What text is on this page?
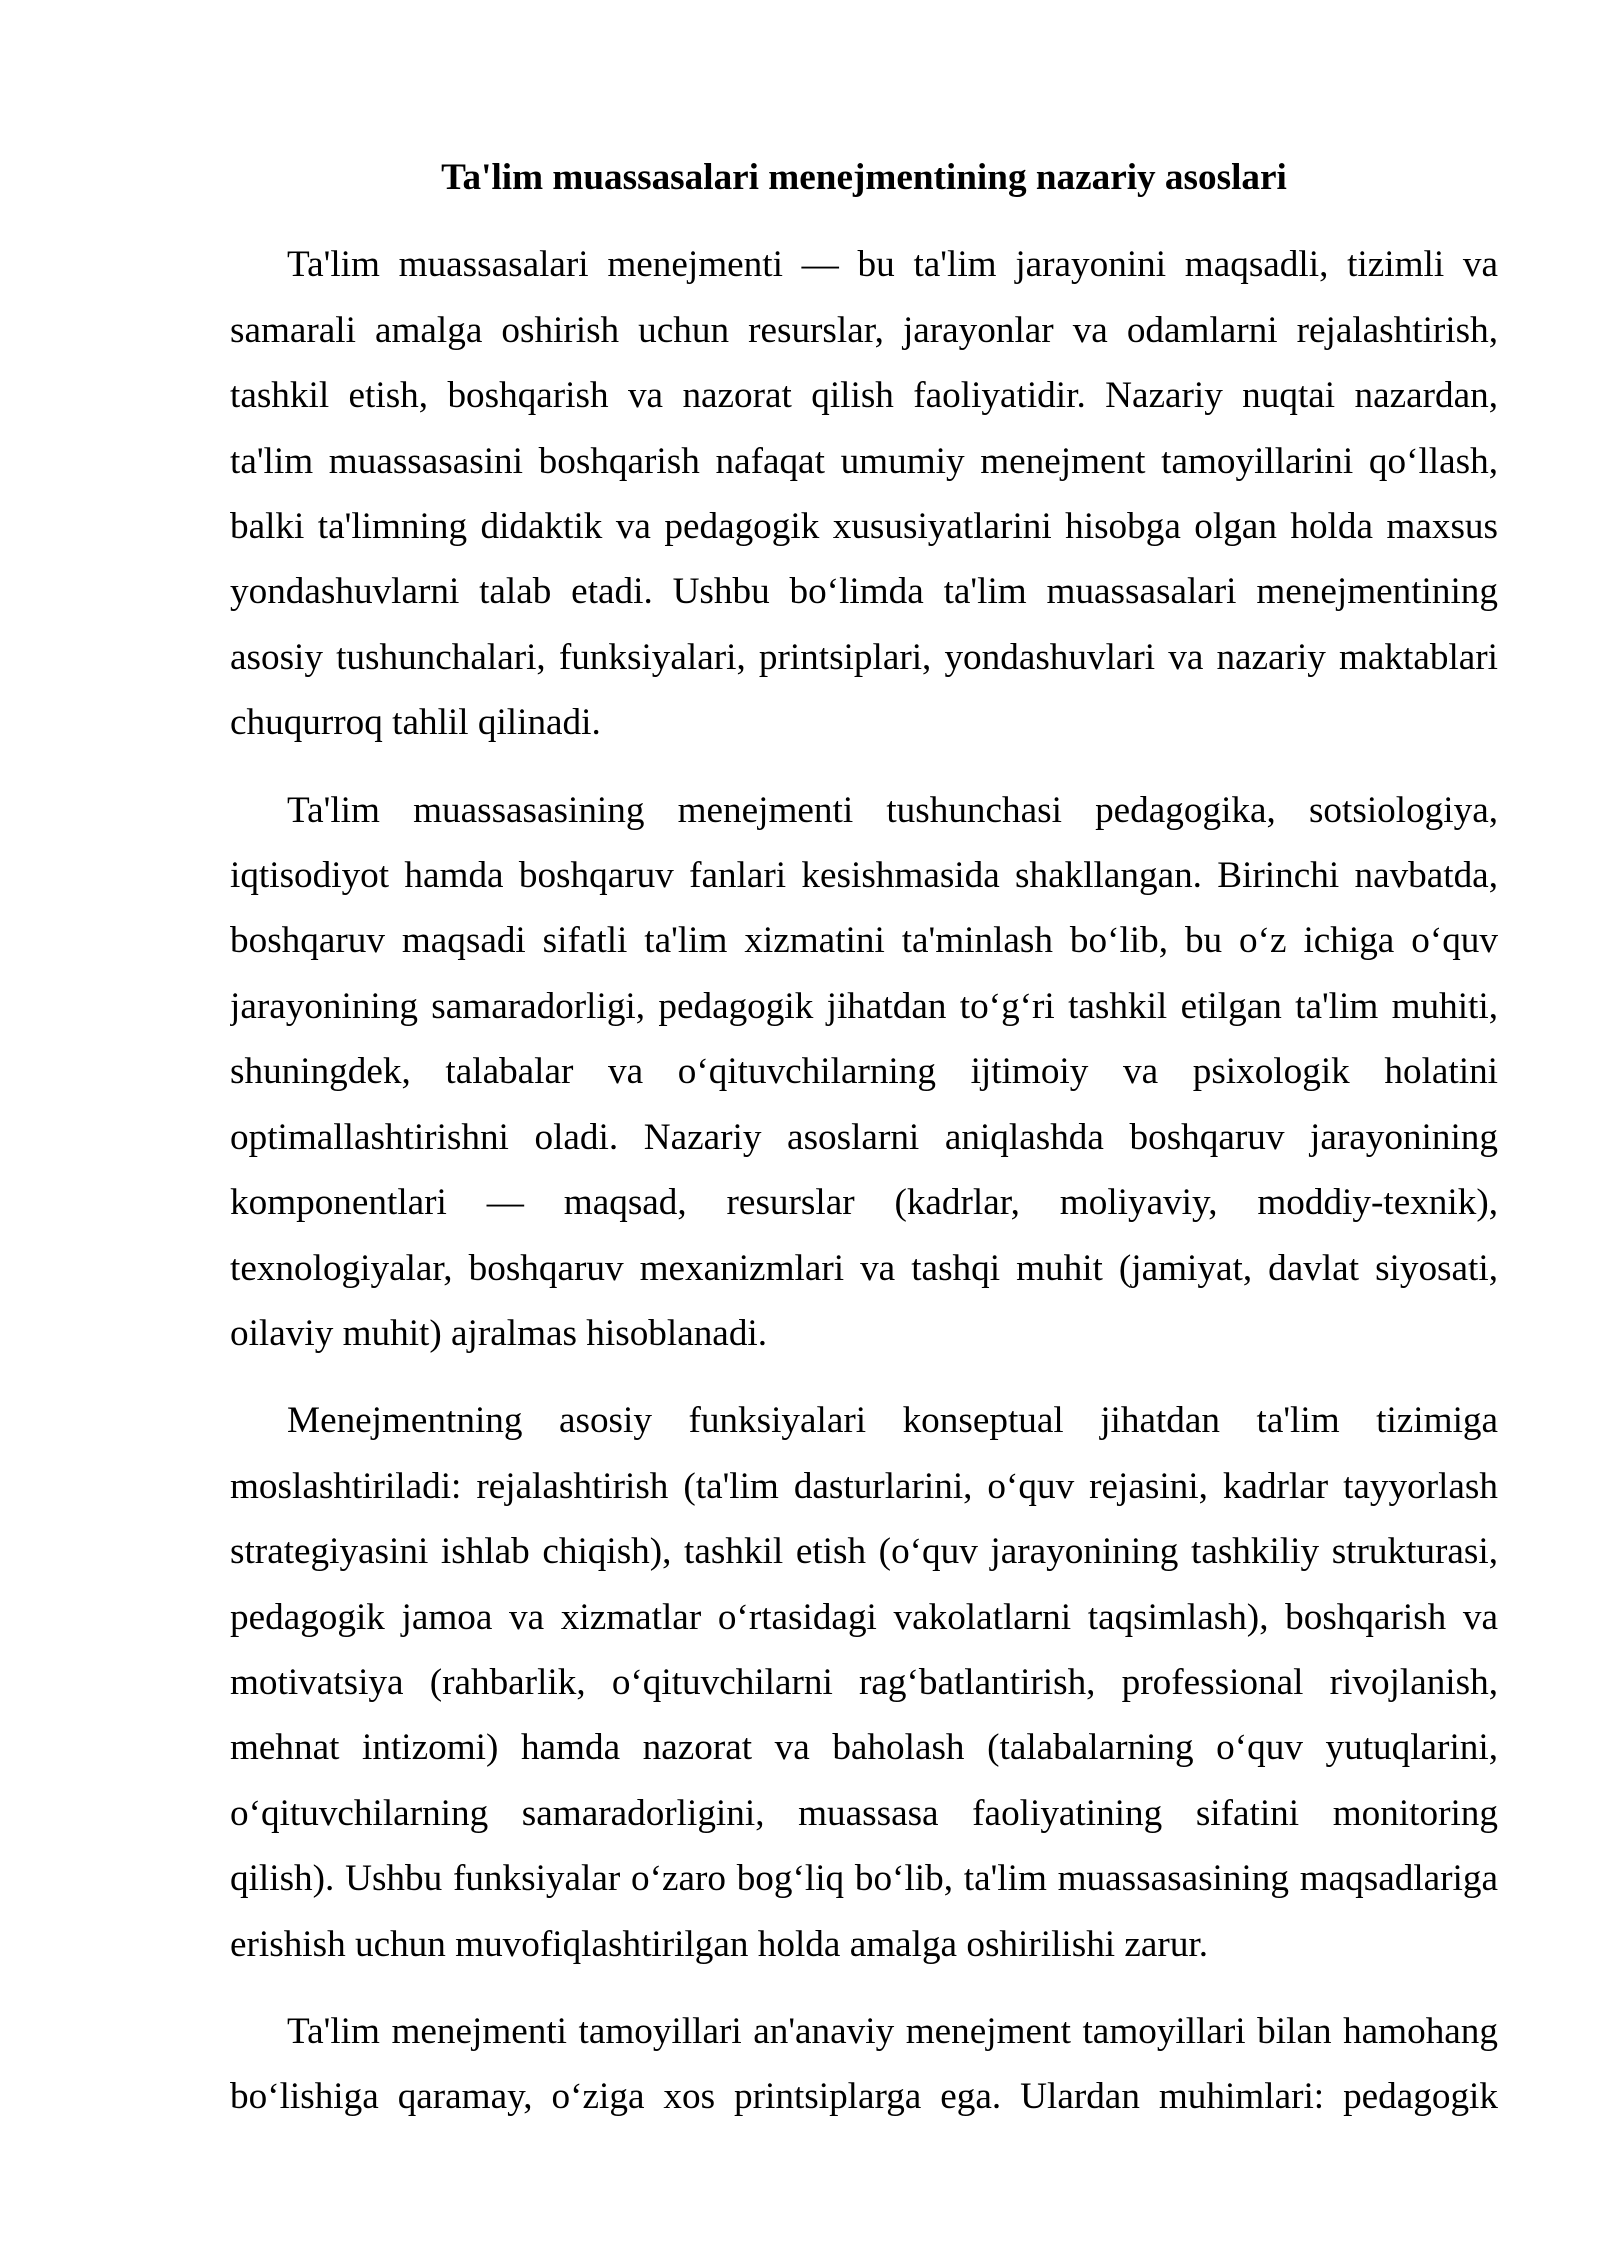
Ta'lim muassasalari menejmentining nazariy asoslari
Ta'lim muassasalari menejmenti — bu ta'lim jarayonini maqsadli, tizimli va
samarali amalga oshirish uchun resurslar, jarayonlar va odamlarni rejalashtirish,
tashkil etish, boshqarish va nazorat qilish faoliyatidir. Nazariy nuqtai nazardan,
ta'lim muassasasini boshqarish nafaqat umumiy menejment tamoyillarini qo‘llash,
balki ta'limning didaktik va pedagogik xususiyatlarini hisobga olgan holda maxsus
yondashuvlarni talab etadi. Ushbu bo‘limda ta'lim muassasalari menejmentining
asosiy tushunchalari, funksiyalari, printsiplari, yondashuvlari va nazariy maktablari
chuqurroq tahlil qilinadi.
Ta'lim muassasasining menejmenti tushunchasi pedagogika, sotsiologiya,
iqtisodiyot hamda boshqaruv fanlari kesishmasida shakllangan. Birinchi navbatda,
boshqaruv maqsadi sifatli ta'lim xizmatini ta'minlash bo‘lib, bu o‘z ichiga o‘quv
jarayonining samaradorligi, pedagogik jihatdan to‘g‘ri tashkil etilgan ta'lim muhiti,
shuningdek, talabalar va o‘qituvchilarning ijtimoiy va psixologik holatini
optimallashtirishni oladi. Nazariy asoslarni aniqlashda boshqaruv jarayonining
komponentlari — maqsad, resurslar (kadrlar, moliyaviy, moddiy-texnik),
texnologiyalar, boshqaruv mexanizmlari va tashqi muhit (jamiyat, davlat siyosati,
oilaviy muhit) ajralmas hisoblanadi.
Menejmentning asosiy funksiyalari konseptual jihatdan ta'lim tizimiga
moslashtiriladi: rejalashtirish (ta'lim dasturlarini, o‘quv rejasini, kadrlar tayyorlash
strategiyasini ishlab chiqish), tashkil etish (o‘quv jarayonining tashkiliy strukturasi,
pedagogik jamoa va xizmatlar o‘rtasidagi vakolatlarni taqsimlash), boshqarish va
motivatsiya (rahbarlik, o‘qituvchilarni rag‘batlantirish, professional rivojlanish,
mehnat intizomi) hamda nazorat va baholash (talabalarning o‘quv yutuqlarini,
o‘qituvchilarning samaradorligini, muassasa faoliyatining sifatini monitoring
qilish). Ushbu funksiyalar o‘zaro bog‘liq bo‘lib, ta'lim muassasasining maqsadlariga
erishish uchun muvofiqlashtirilgan holda amalga oshirilishi zarur.
Ta'lim menejmenti tamoyillari an'anaviy menejment tamoyillari bilan hamohang
bo‘lishiga qaramay, o‘ziga xos printsiplarga ega. Ulardan muhimlari: pedagogik
